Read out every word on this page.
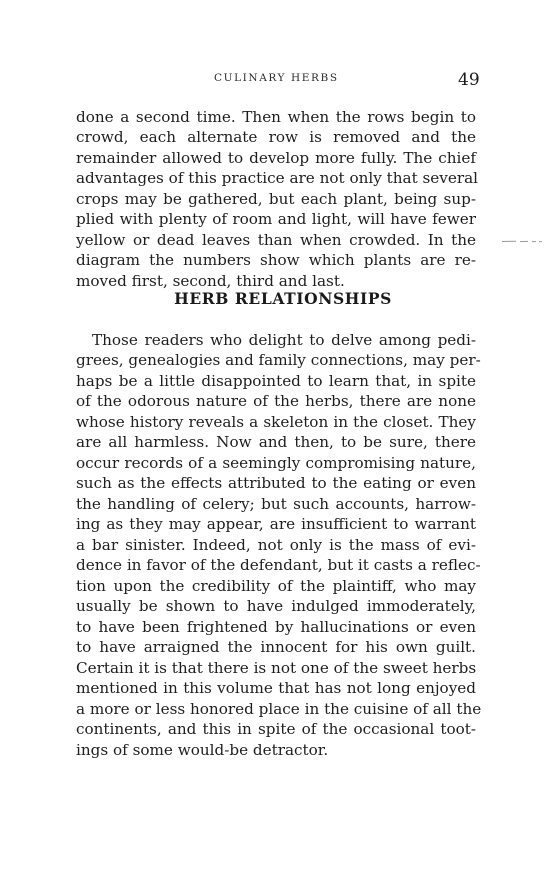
CULINARY HERBS	49
done a second time. Then when the rows begin to
crowd, each alternate row is removed and the
remainder allowed to develop more fully. The chief
advantages of this practice are not only that several
crops may be gathered, but each plant, being sup-
plied with plenty of room and light, will have fewer
yellow or dead leaves than when crowded. In the
diagram the numbers show which plants are re-
moved first, second, third and last.
HERB RELATIONSHIPS
Those readers who delight to delve among pedi-
grees, genealogies and family connections, may per-
haps be a little disappointed to learn that, in spite
of the odorous nature of the herbs, there are none
whose history reveals a skeleton in the closet. They
are all harmless. Now and then, to be sure, there
occur records of a seemingly compromising nature,
such as the effects attributed to the eating or even
the handling of celery; but such accounts, harrow-
ing as they may appear, are insufficient to warrant
a bar sinister. Indeed, not only is the mass of evi-
dence in favor of the defendant, but it casts a reflec-
tion upon the credibility of the plaintiff, who may
usually be shown to have indulged immoderately,
to have been frightened by hallucinations or even
to have arraigned the innocent for his own guilt.
Certain it is that there is not one of the sweet herbs
mentioned in this volume that has not long enjoyed
a more or less honored place in the cuisine of all the
continents, and this in spite of the occasional toot-
ings of some would-be detractor.
